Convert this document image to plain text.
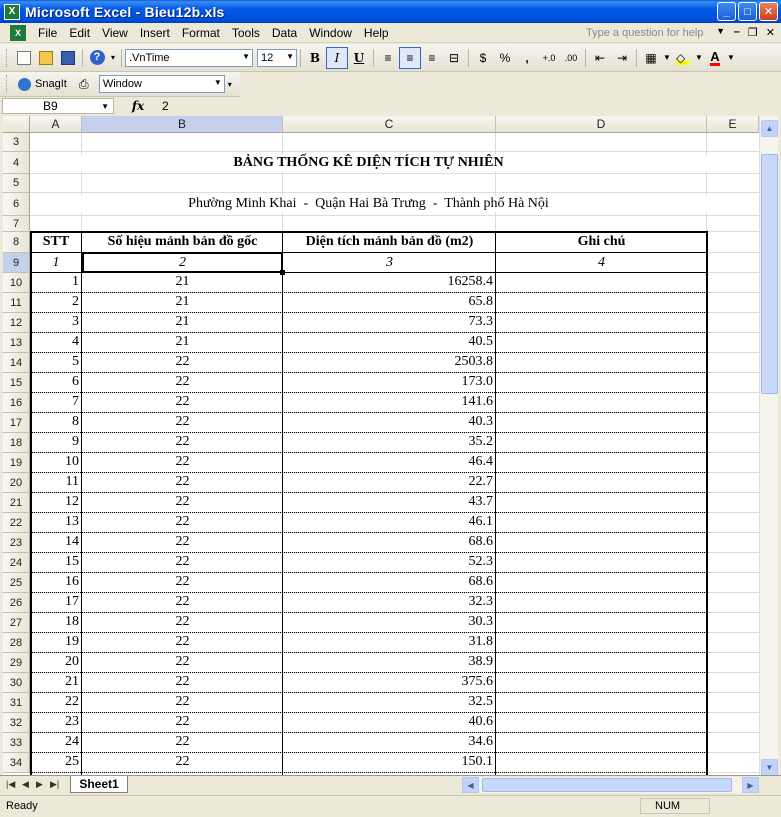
X Microsoft Excel - Bieu12b.xls	_	□	✕
X	File	Edit	View	Insert	Format	Tools	Data	Window	Help	Type a question for help	▼ – ❐ ✕
?	▾ .VnTime	▼ 12 ▼	B	I	U	≡	≡	≡	⊟	$	%	,	+.0	.00	⇤ ⇥	▦ ▼ ◇	▼ A ▼
SnagIt	⎙	Window	▼ ▾
B9	▼	fx	2
A	B	C	D	E
3
4
5
6
7
8
9
10
11
12
13
14
15
16
17
18
19
20
21
22
23
24
25
26
27
28
29
30
31
32
33
34
BẢNG THỐNG KÊ DIỆN TÍCH TỰ NHIÊN
Phường Minh Khai  -  Quận Hai Bà Trưng  -  Thành phố Hà Nội
STT	Số hiệu mảnh bản đồ gốc	Diện tích mảnh bản đồ (m2)	Ghi chú
1	2	3	4
1	21	16258.4
2	21	65.8
3	21	73.3
4	21	40.5
5	22	2503.8
6	22	173.0
7	22	141.6
8	22	40.3
9	22	35.2
10	22	46.4
11	22	22.7
12	22	43.7
13	22	46.1
14	22	68.6
15	22	52.3
16	22	68.6
17	22	32.3
18	22	30.3
19	22	31.8
20	22	38.9
21	22	375.6
22	22	32.5
23	22	40.6
24	22	34.6
25	22	150.1
▲
▼
|◀ ◀ ▶ ▶|	Sheet1	◀	▶
Ready	NUM
